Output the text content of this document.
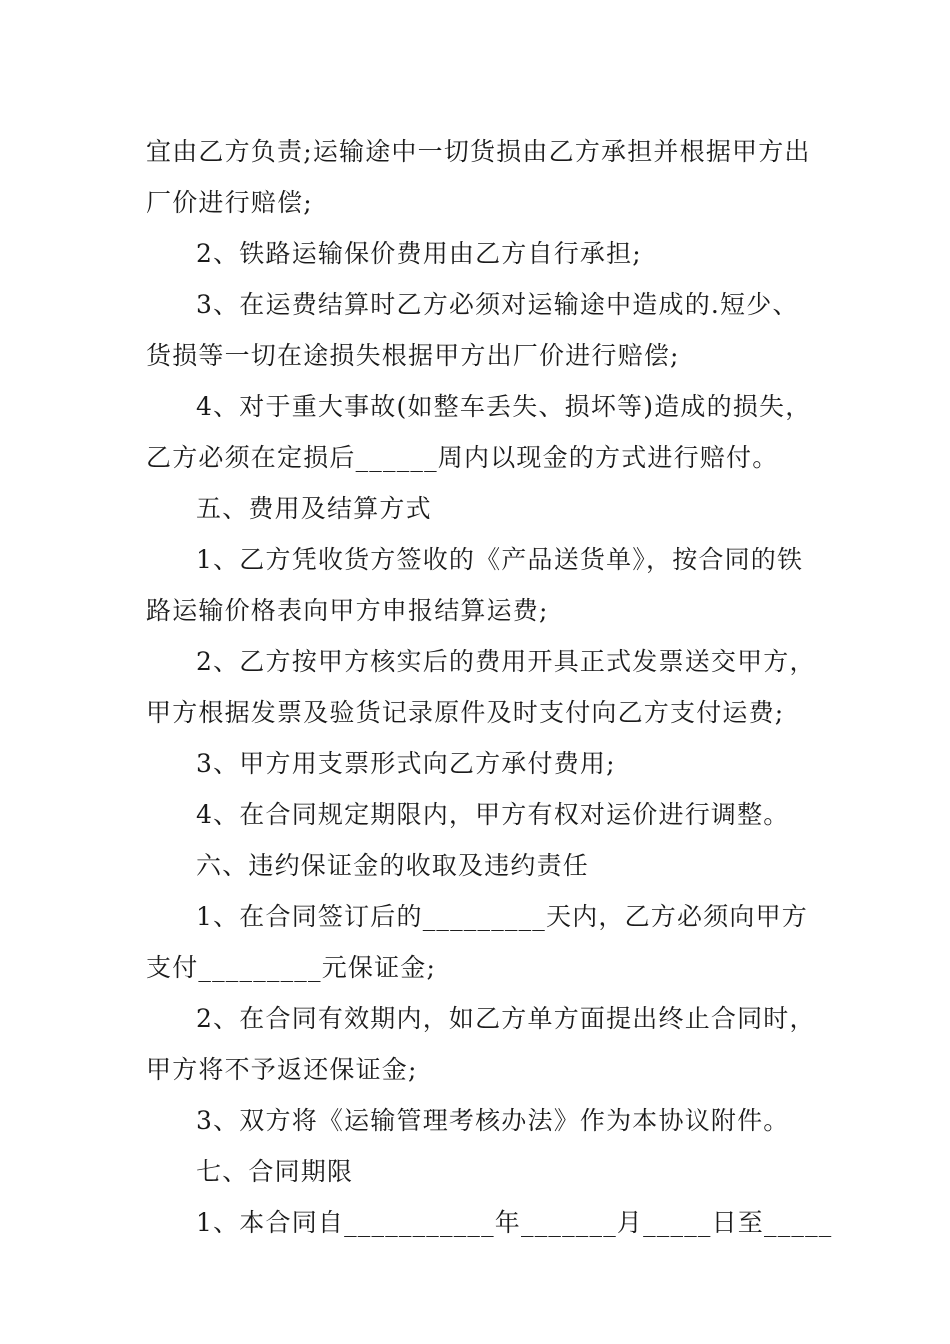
宜由乙方负责;运输途中一切货损由乙方承担并根据甲方出
厂价进行赔偿;
2、铁路运输保价费用由乙方自行承担;
3、在运费结算时乙方必须对运输途中造成的.短少、
货损等一切在途损失根据甲方出厂价进行赔偿;
4、对于重大事故(如整车丢失、损坏等)造成的损失，
乙方必须在定损后______周内以现金的方式进行赔付。
五、费用及结算方式
1、乙方凭收货方签收的《产品送货单》，按合同的铁
路运输价格表向甲方申报结算运费;
2、乙方按甲方核实后的费用开具正式发票送交甲方，
甲方根据发票及验货记录原件及时支付向乙方支付运费;
3、甲方用支票形式向乙方承付费用;
4、在合同规定期限内，甲方有权对运价进行调整。
六、违约保证金的收取及违约责任
1、在合同签订后的_________天内，乙方必须向甲方
支付_________元保证金;
2、在合同有效期内，如乙方单方面提出终止合同时，
甲方将不予返还保证金;
3、双方将《运输管理考核办法》作为本协议附件。
七、合同期限
1、本合同自___________年_______月_____日至_____
